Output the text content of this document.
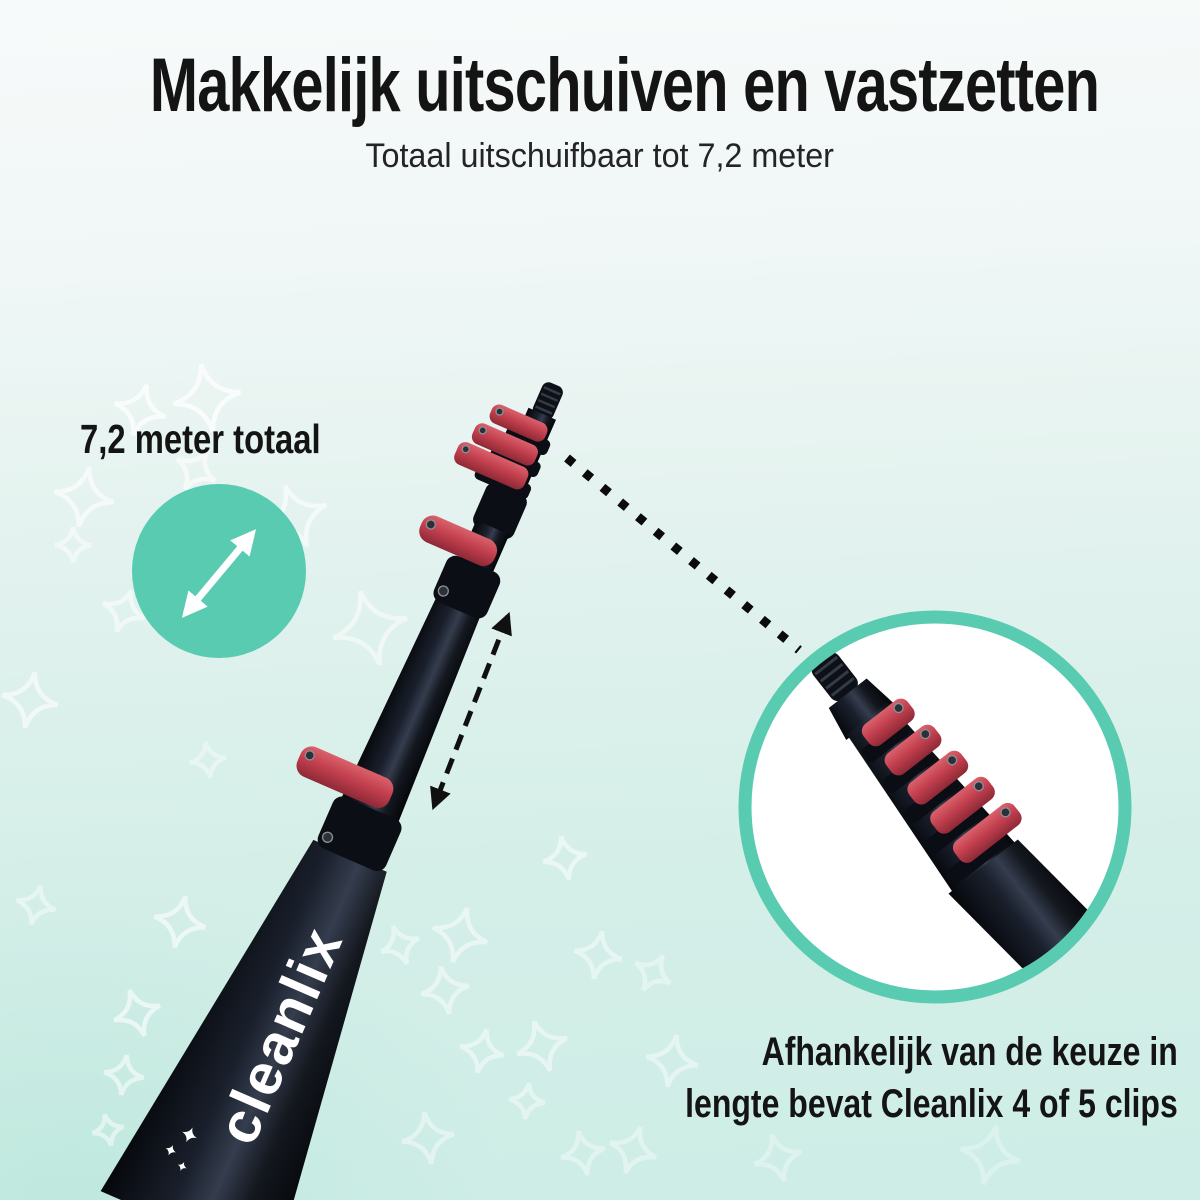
cleanlix
Makkelijk uitschuiven en vastzetten

Totaal uitschuifbaar tot 7,2 meter

7,2 meter totaal
Afhankelijk van de keuze in
lengte bevat Cleanlix 4 of 5 clips
